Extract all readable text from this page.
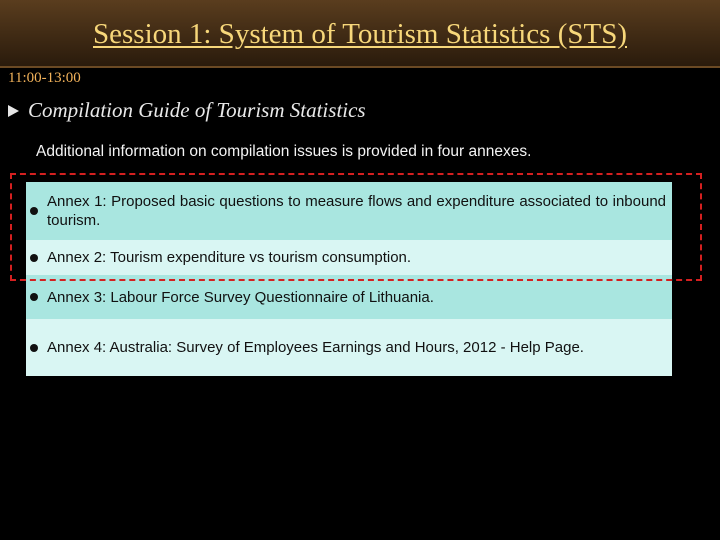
Session 1: System of Tourism Statistics (STS)
11:00-13:00
Compilation Guide of Tourism Statistics
Additional information on compilation issues is provided in four annexes.
Annex 1: Proposed basic questions to measure flows and expenditure associated to inbound tourism.
Annex 2: Tourism expenditure vs tourism consumption.
Annex 3: Labour Force Survey Questionnaire of Lithuania.
Annex 4: Australia: Survey of Employees Earnings and Hours, 2012 - Help Page.
